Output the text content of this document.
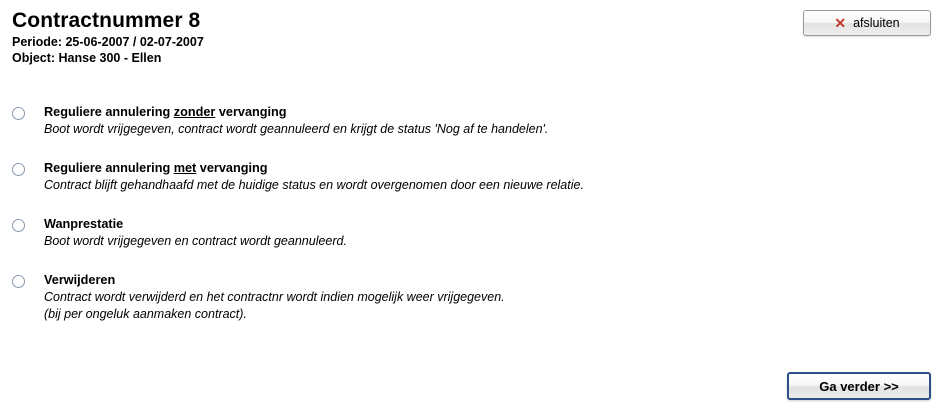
Contractnummer 8
Periode: 25-06-2007 / 02-07-2007
Object: Hanse 300 - Ellen
✕ afsluiten
Reguliere annulering zonder vervanging
Boot wordt vrijgegeven, contract wordt geannuleerd en krijgt de status 'Nog af te handelen'.
Reguliere annulering met vervanging
Contract blijft gehandhaafd met de huidige status en wordt overgenomen door een nieuwe relatie.
Wanprestatie
Boot wordt vrijgegeven en contract wordt geannuleerd.
Verwijderen
Contract wordt verwijderd en het contractnr wordt indien mogelijk weer vrijgegeven.
(bij per ongeluk aanmaken contract).
Ga verder >>
